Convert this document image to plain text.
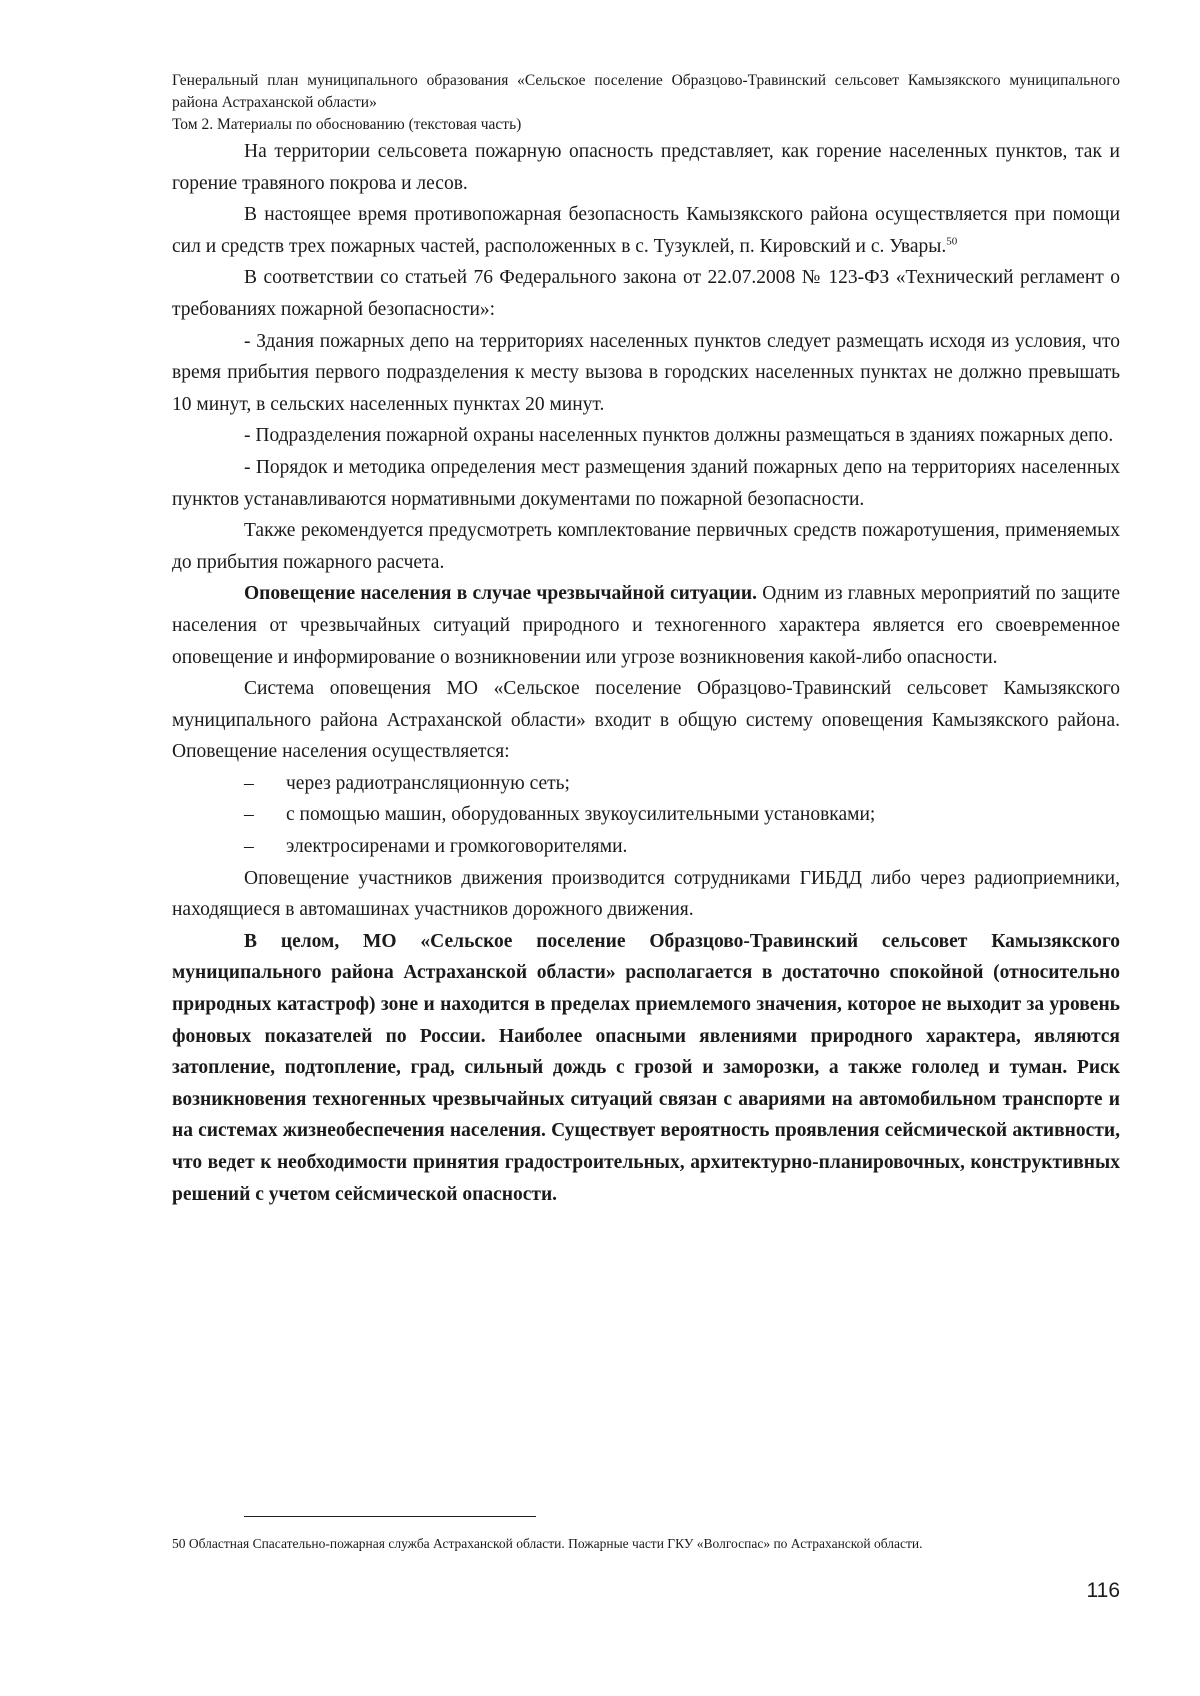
Генеральный план муниципального образования «Сельское поселение Образцово-Травинский сельсовет Камызякского муниципального района Астраханской области»

Том 2. Материалы по обоснованию (текстовая часть)

На территории сельсовета пожарную опасность представляет, как горение населенных пунктов, так и горение травяного покрова и лесов.

В настоящее время противопожарная безопасность Камызякского района осуществляется при помощи сил и средств трех пожарных частей, расположенных в с. Тузуклей, п. Кировский и с. Увары.$^{50}$

В соответствии со статьей 76 Федерального закона от 22.07.2008 № 123-ФЗ «Технический регламент о требованиях пожарной безопасности»:

- Здания пожарных депо на территориях населенных пунктов следует размещать исходя из условия, что время прибытия первого подразделения к месту вызова в городских населенных пунктах не должно превышать 10 минут, в сельских населенных пунктах 20 минут.

- Подразделения пожарной охраны населенных пунктов должны размещаться в зданиях пожарных депо.

- Порядок и методика определения мест размещения зданий пожарных депо на территориях населенных пунктов устанавливаются нормативными документами по пожарной безопасности.

Также рекомендуется предусмотреть комплектование первичных средств пожаротушения, применяемых до прибытия пожарного расчета.

Оповещение населения в случае чрезвычайной ситуации. Одним из главных мероприятий по защите населения от чрезвычайных ситуаций природного и техногенного характера является его своевременное оповещение и информирование о возникновении или угрозе возникновения какой-либо опасности.

Система оповещения МО «Сельское поселение Образцово-Травинский сельсовет Камызякского муниципального района Астраханской области» входит в общую систему оповещения Камызякского района. Оповещение населения осуществляется:

– через радиотрансляционную сеть;
– с помощью машин, оборудованных звукоусилительными установками;
– электросиренами и громкоговорителями.

Оповещение участников движения производится сотрудниками ГИБДД либо через радиоприемники, находящиеся в автомашинах участников дорожного движения.

В целом, МО «Сельское поселение Образцово-Травинский сельсовет Камызякского муниципального района Астраханской области» располагается в достаточно спокойной (относительно природных катастроф) зоне и находится в пределах приемлемого значения, которое не выходит за уровень фоновых показателей по России. Наиболее опасными явлениями природного характера, являются затопление, подтопление, град, сильный дождь с грозой и заморозки, а также гололед и туман. Риск возникновения техногенных чрезвычайных ситуаций связан с авариями на автомобильном транспорте и на системах жизнеобеспечения населения. Существует вероятность проявления сейсмической активности, что ведет к необходимости принятия градостроительных, архитектурно-планировочных, конструктивных решений с учетом сейсмической опасности.

50 Областная Спасательно-пожарная служба Астраханской области. Пожарные части ГКУ «Волгоспас» по Астраханской области.

116
